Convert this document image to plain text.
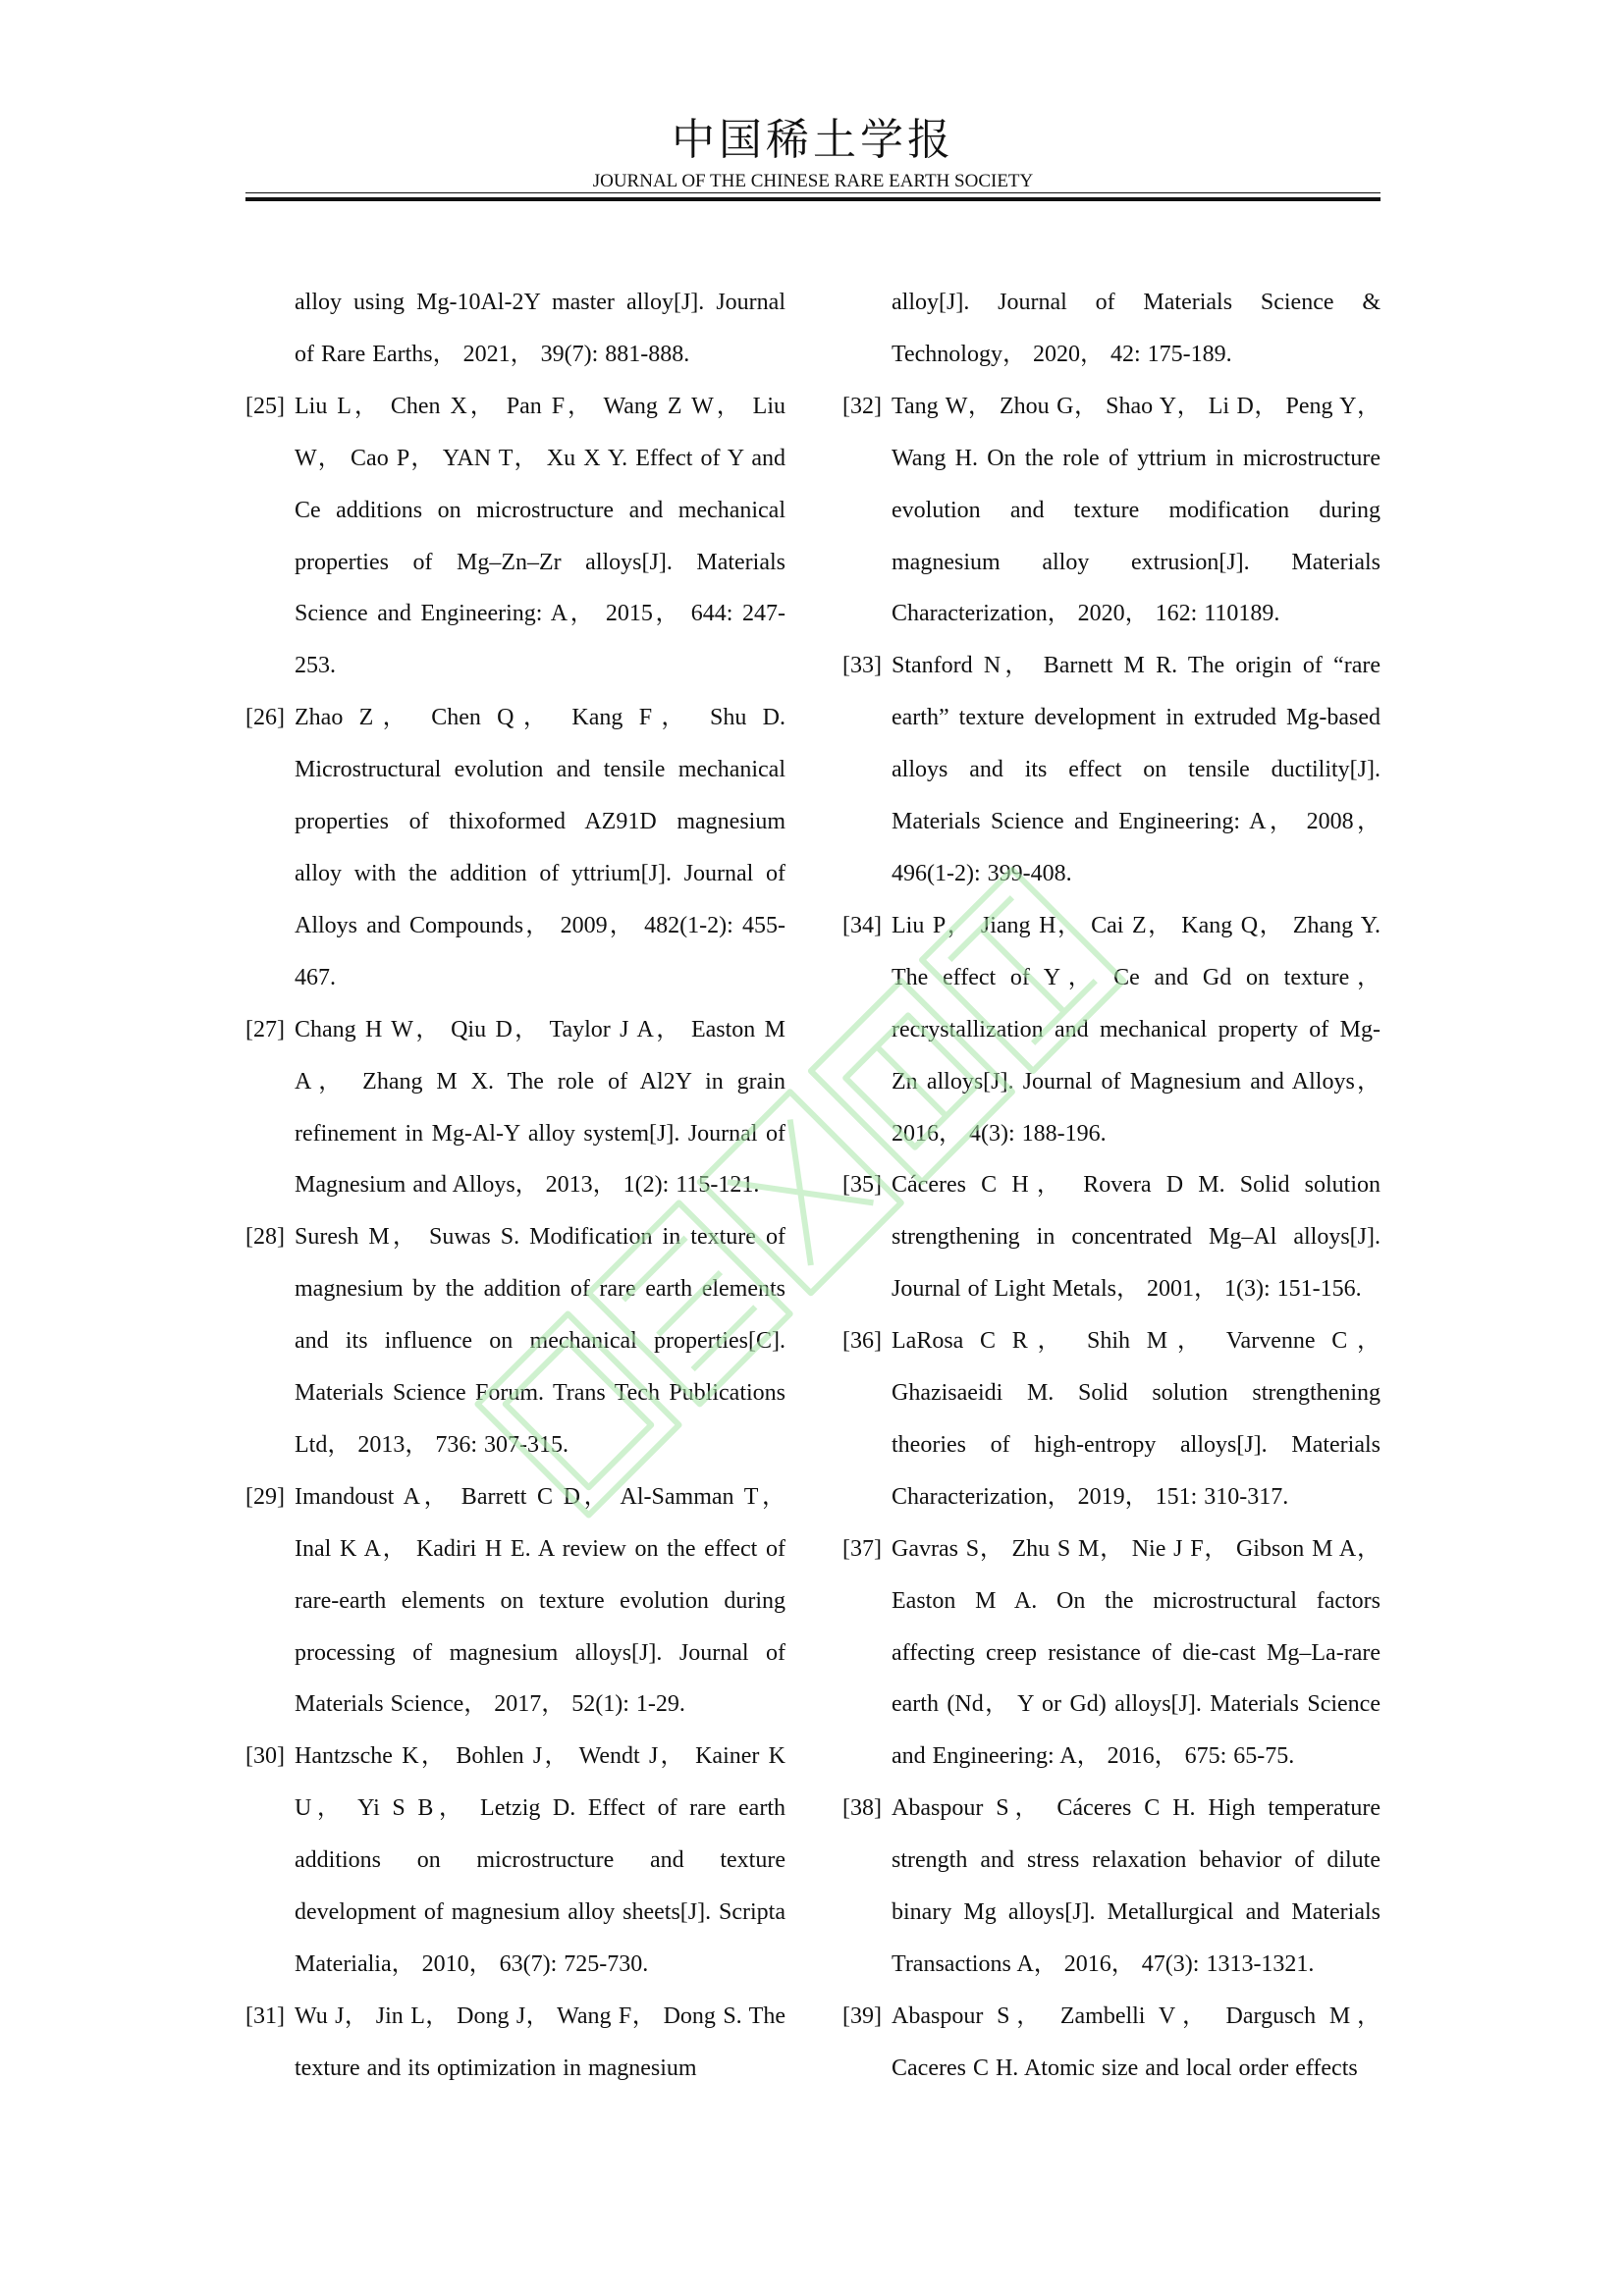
中国稀土学报
JOURNAL OF THE CHINESE RARE EARTH SOCIETY
alloy using Mg-10Al-2Y master alloy[J]. Journal of Rare Earths， 2021， 39(7): 881-888.
[25] Liu L， Chen X， Pan F， Wang Z W， Liu W， Cao P， YAN T， Xu X Y. Effect of Y and Ce additions on microstructure and mechanical properties of Mg–Zn–Zr alloys[J]. Materials Science and Engineering: A， 2015， 644: 247-253.
[26] Zhao Z， Chen Q， Kang F， Shu D. Microstructural evolution and tensile mechanical properties of thixoformed AZ91D magnesium alloy with the addition of yttrium[J]. Journal of Alloys and Compounds， 2009， 482(1-2): 455-467.
[27] Chang H W， Qiu D， Taylor J A， Easton M A， Zhang M X. The role of Al2Y in grain refinement in Mg-Al-Y alloy system[J]. Journal of Magnesium and Alloys， 2013， 1(2): 115-121.
[28] Suresh M， Suwas S. Modification in texture of magnesium by the addition of rare earth elements and its influence on mechanical properties[C]. Materials Science Forum. Trans Tech Publications Ltd， 2013， 736: 307-315.
[29] Imandoust A， Barrett C D， Al-Samman T， Inal K A， Kadiri H E. A review on the effect of rare-earth elements on texture evolution during processing of magnesium alloys[J]. Journal of Materials Science， 2017， 52(1): 1-29.
[30] Hantzsche K， Bohlen J， Wendt J， Kainer K U， Yi S B， Letzig D. Effect of rare earth additions on microstructure and texture development of magnesium alloy sheets[J]. Scripta Materialia， 2010， 63(7): 725-730.
[31] Wu J， Jin L， Dong J， Wang F， Dong S. The texture and its optimization in magnesium
alloy[J]. Journal of Materials Science & Technology， 2020， 42: 175-189.
[32] Tang W， Zhou G， Shao Y， Li D， Peng Y， Wang H. On the role of yttrium in microstructure evolution and texture modification during magnesium alloy extrusion[J]. Materials Characterization， 2020， 162: 110189.
[33] Stanford N， Barnett M R. The origin of “rare earth” texture development in extruded Mg-based alloys and its effect on tensile ductility[J]. Materials Science and Engineering: A， 2008， 496(1-2): 399-408.
[34] Liu P， Jiang H， Cai Z， Kang Q， Zhang Y. The effect of Y， Ce and Gd on texture， recrystallization and mechanical property of Mg-Zn alloys[J]. Journal of Magnesium and Alloys， 2016， 4(3): 188-196.
[35] Cáceres C H， Rovera D M. Solid solution strengthening in concentrated Mg–Al alloys[J]. Journal of Light Metals， 2001， 1(3): 151-156.
[36] LaRosa C R， Shih M， Varvenne C， Ghazisaeidi M. Solid solution strengthening theories of high-entropy alloys[J]. Materials Characterization， 2019， 151: 310-317.
[37] Gavras S， Zhu S M， Nie J F， Gibson M A， Easton M A. On the microstructural factors affecting creep resistance of die-cast Mg–La-rare earth (Nd， Y or Gd) alloys[J]. Materials Science and Engineering: A， 2016， 675: 65-75.
[38] Abaspour S， Cáceres C H. High temperature strength and stress relaxation behavior of dilute binary Mg alloys[J]. Metallurgical and Materials Transactions A， 2016， 47(3): 1313-1321.
[39] Abaspour S， Zambelli V， Dargusch M， Caceres C H. Atomic size and local order effects
